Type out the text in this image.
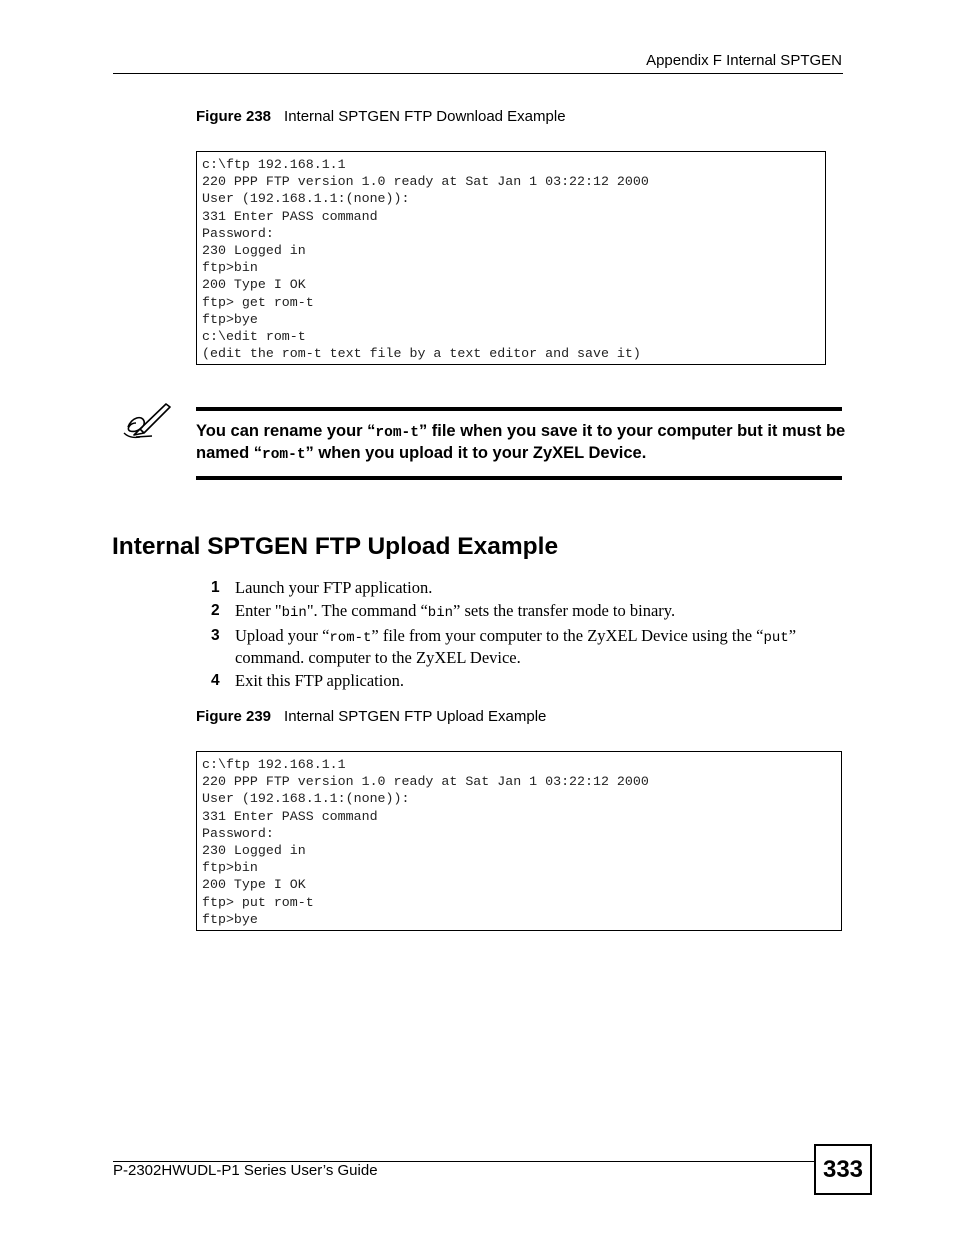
Appendix F Internal SPTGEN
Figure 238 Internal SPTGEN FTP Download Example
c:\ftp 192.168.1.1
220 PPP FTP version 1.0 ready at Sat Jan 1 03:22:12 2000
User (192.168.1.1:(none)):
331 Enter PASS command
Password:
230 Logged in
ftp>bin
200 Type I OK
ftp> get rom-t
ftp>bye
c:\edit rom-t
(edit the rom-t text file by a text editor and save it)
You can rename your “rom-t” file when you save it to your computer but it must be named “rom-t” when you upload it to your ZyXEL Device.
Internal SPTGEN FTP Upload Example
1 Launch your FTP application.
2 Enter "bin". The command “bin” sets the transfer mode to binary.
3 Upload your “rom-t” file from your computer to the ZyXEL Device using the “put” command. computer to the ZyXEL Device.
4 Exit this FTP application.
Figure 239 Internal SPTGEN FTP Upload Example
c:\ftp 192.168.1.1
220 PPP FTP version 1.0 ready at Sat Jan 1 03:22:12 2000
User (192.168.1.1:(none)):
331 Enter PASS command
Password:
230 Logged in
ftp>bin
200 Type I OK
ftp> put rom-t
ftp>bye
P-2302HWUDL-P1 Series User’s Guide	333
